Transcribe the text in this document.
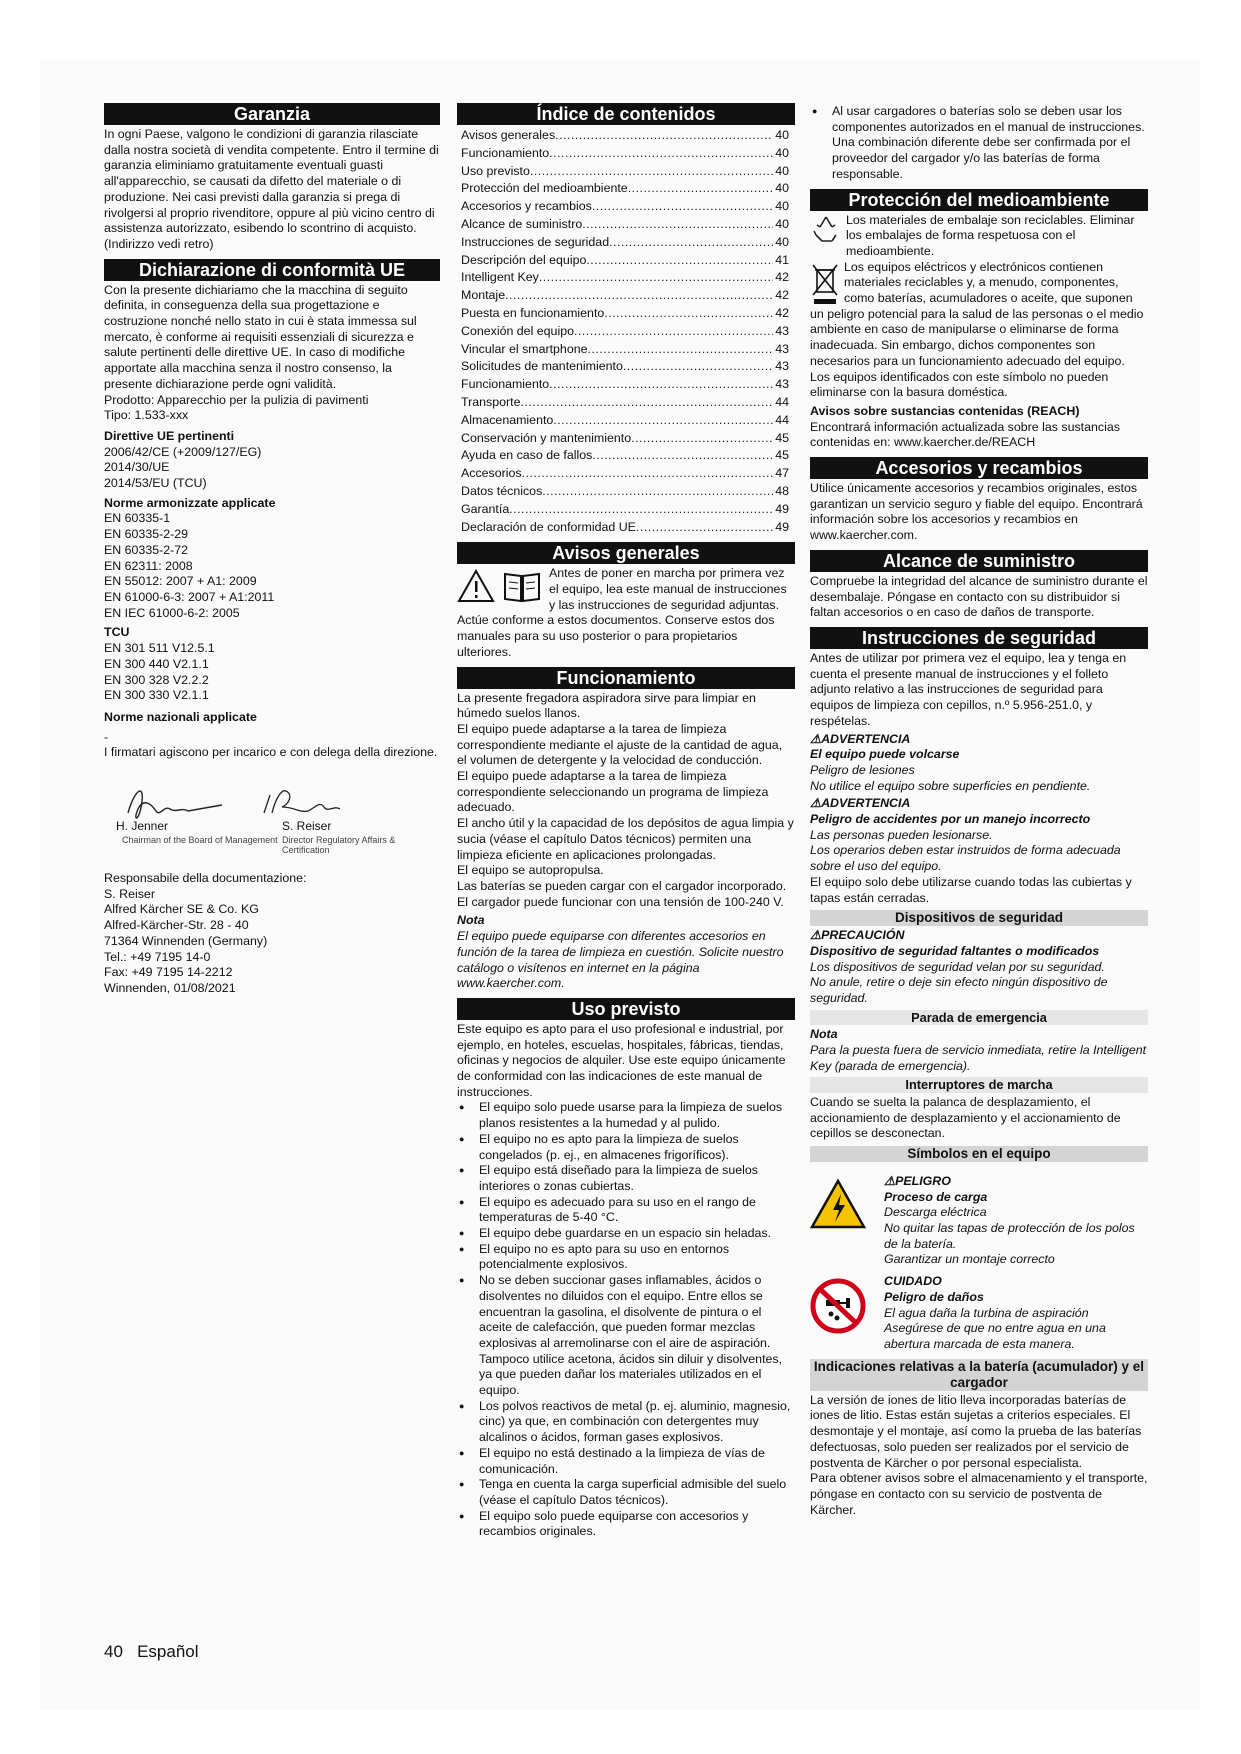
Garanzia

In ogni Paese, valgono le condizioni di garanzia rilasciate dalla nostra società di vendita competente. Entro il termine di garanzia eliminiamo gratuitamente eventuali guasti all'apparecchio, se causati da difetto del materiale o di produzione. Nei casi previsti dalla garanzia si prega di rivolgersi al proprio rivenditore, oppure al più vicino centro di assistenza autorizzato, esibendo lo scontrino di acquisto.

(Indirizzo vedi retro)

Dichiarazione di conformità UE

Con la presente dichiariamo che la macchina di seguito definita, in conseguenza della sua progettazione e costruzione nonché nello stato in cui è stata immessa sul mercato, è conforme ai requisiti essenziali di sicurezza e salute pertinenti delle direttive UE. In caso di modifiche apportate alla macchina senza il nostro consenso, la presente dichiarazione perde ogni validità.

Prodotto: Apparecchio per la pulizia di pavimenti

Tipo: 1.533-xxx

Direttive UE pertinenti

2006/42/CE (+2009/127/EG)

2014/30/UE

2014/53/EU (TCU)

Norme armonizzate applicate

EN 60335-1

EN 60335-2-29

EN 60335-2-72

EN 62311: 2008

EN 55012: 2007 + A1: 2009

EN 61000-6-3: 2007 + A1:2011

EN IEC 61000-6-2: 2005

TCU

EN 301 511 V12.5.1

EN 300 440 V2.1.1

EN 300 328 V2.2.2

EN 300 330 V2.1.1

Norme nazionali applicate

-

I firmatari agiscono per incarico e con delega della direzione.

H. Jenner
Chairman of the Board of Management
S. Reiser
Director Regulatory Affairs & Certification

Responsabile della documentazione:

S. Reiser

Alfred Kärcher SE & Co. KG

Alfred-Kärcher-Str. 28 - 40

71364 Winnenden (Germany)

Tel.: +49 7195 14-0

Fax: +49 7195 14-2212

Winnenden, 01/08/2021

Índice de contenidos
Avisos generales .....	40
Funcionamiento .....	40
Uso previsto .....	40
Protección del medioambiente .....	40
Accesorios y recambios .....	40
Alcance de suministro .....	40
Instrucciones de seguridad .....	40
Descripción del equipo .....	41
Intelligent Key .....	42
Montaje .....	42
Puesta en funcionamiento .....	42
Conexión del equipo .....	43
Vincular el smartphone .....	43
Solicitudes de mantenimiento .....	43
Funcionamiento .....	43
Transporte .....	44
Almacenamiento .....	44
Conservación y mantenimiento .....	45
Ayuda en caso de fallos .....	45
Accesorios .....	47
Datos técnicos .....	48
Garantía .....	49
Declaración de conformidad UE .....	49
Avisos generales

Antes de poner en marcha por primera vez el equipo, lea este manual de instrucciones y las instrucciones de seguridad adjuntas. Actúe conforme a estos documentos. Conserve estos dos manuales para su uso posterior o para propietarios ulteriores.

Funcionamiento

La presente fregadora aspiradora sirve para limpiar en húmedo suelos llanos.

El equipo puede adaptarse a la tarea de limpieza correspondiente mediante el ajuste de la cantidad de agua, el volumen de detergente y la velocidad de conducción.

El equipo puede adaptarse a la tarea de limpieza correspondiente seleccionando un programa de limpieza adecuado.

El ancho útil y la capacidad de los depósitos de agua limpia y sucia (véase el capítulo Datos técnicos) permiten una limpieza eficiente en aplicaciones prolongadas.

El equipo se autopropulsa.

Las baterías se pueden cargar con el cargador incorporado. El cargador puede funcionar con una tensión de 100-240 V.

Nota

El equipo puede equiparse con diferentes accesorios en función de la tarea de limpieza en cuestión. Solicite nuestro catálogo o visítenos en internet en la página www.kaercher.com.

Uso previsto

Este equipo es apto para el uso profesional e industrial, por ejemplo, en hoteles, escuelas, hospitales, fábricas, tiendas, oficinas y negocios de alquiler. Use este equipo únicamente de conformidad con las indicaciones de este manual de instrucciones.

● El equipo solo puede usarse para la limpieza de suelos planos resistentes a la humedad y al pulido.
● El equipo no es apto para la limpieza de suelos congelados (p. ej., en almacenes frigoríficos).
● El equipo está diseñado para la limpieza de suelos interiores o zonas cubiertas.
● El equipo es adecuado para su uso en el rango de temperaturas de 5-40 °C.
● El equipo debe guardarse en un espacio sin heladas.
● El equipo no es apto para su uso en entornos potencialmente explosivos.
● No se deben succionar gases inflamables, ácidos o disolventes no diluidos con el equipo. Entre ellos se encuentran la gasolina, el disolvente de pintura o el aceite de calefacción, que pueden formar mezclas explosivas al arremolinarse con el aire de aspiración. Tampoco utilice acetona, ácidos sin diluir y disolventes, ya que pueden dañar los materiales utilizados en el equipo.
● Los polvos reactivos de metal (p. ej. aluminio, magnesio, cinc) ya que, en combinación con detergentes muy alcalinos o ácidos, forman gases explosivos.
● El equipo no está destinado a la limpieza de vías de comunicación.
● Tenga en cuenta la carga superficial admisible del suelo (véase el capítulo Datos técnicos).
● El equipo solo puede equiparse con accesorios y recambios originales.
● Al usar cargadores o baterías solo se deben usar los componentes autorizados en el manual de instrucciones. Una combinación diferente debe ser confirmada por el proveedor del cargador y/o las baterías de forma responsable.
Protección del medioambiente

Los materiales de embalaje son reciclables. Eliminar los embalajes de forma respetuosa con el medioambiente.

Los equipos eléctricos y electrónicos contienen materiales reciclables y, a menudo, componentes, como baterías, acumuladores o aceite, que suponen un peligro potencial para la salud de las personas o el medio ambiente en caso de manipularse o eliminarse de forma inadecuada. Sin embargo, dichos componentes son necesarios para un funcionamiento adecuado del equipo. Los equipos identificados con este símbolo no pueden eliminarse con la basura doméstica.

Avisos sobre sustancias contenidas (REACH)

Encontrará información actualizada sobre las sustancias contenidas en: www.kaercher.de/REACH

Accesorios y recambios

Utilice únicamente accesorios y recambios originales, estos garantizan un servicio seguro y fiable del equipo. Encontrará información sobre los accesorios y recambios en www.kaercher.com.

Alcance de suministro

Compruebe la integridad del alcance de suministro durante el desembalaje. Póngase en contacto con su distribuidor si faltan accesorios o en caso de daños de transporte.

Instrucciones de seguridad

Antes de utilizar por primera vez el equipo, lea y tenga en cuenta el presente manual de instrucciones y el folleto adjunto relativo a las instrucciones de seguridad para equipos de limpieza con cepillos, n.º 5.956-251.0, y respételas.

⚠ADVERTENCIA

El equipo puede volcarse

Peligro de lesiones

No utilice el equipo sobre superficies en pendiente.

⚠ADVERTENCIA

Peligro de accidentes por un manejo incorrecto

Las personas pueden lesionarse.

Los operarios deben estar instruidos de forma adecuada sobre el uso del equipo.

El equipo solo debe utilizarse cuando todas las cubiertas y tapas están cerradas.

Dispositivos de seguridad

⚠PRECAUCIÓN

Dispositivo de seguridad faltantes o modificados

Los dispositivos de seguridad velan por su seguridad.

No anule, retire o deje sin efecto ningún dispositivo de seguridad.

Parada de emergencia

Nota

Para la puesta fuera de servicio inmediata, retire la Intelligent Key (parada de emergencia).

Interruptores de marcha

Cuando se suelta la palanca de desplazamiento, el accionamiento de desplazamiento y el accionamiento de cepillos se desconectan.

Símbolos en el equipo

⚠PELIGRO

Proceso de carga

Descarga eléctrica

No quitar las tapas de protección de los polos de la batería.

Garantizar un montaje correcto

CUIDADO

Peligro de daños

El agua daña la turbina de aspiración

Asegúrese de que no entre agua en una abertura marcada de esta manera.

Indicaciones relativas a la batería (acumulador) y el cargador

La versión de iones de litio lleva incorporadas baterías de iones de litio. Estas están sujetas a criterios especiales. El desmontaje y el montaje, así como la prueba de las baterías defectuosas, solo pueden ser realizados por el servicio de postventa de Kärcher o por personal especialista.

Para obtener avisos sobre el almacenamiento y el transporte, póngase en contacto con su servicio de postventa de Kärcher.

40 Español
